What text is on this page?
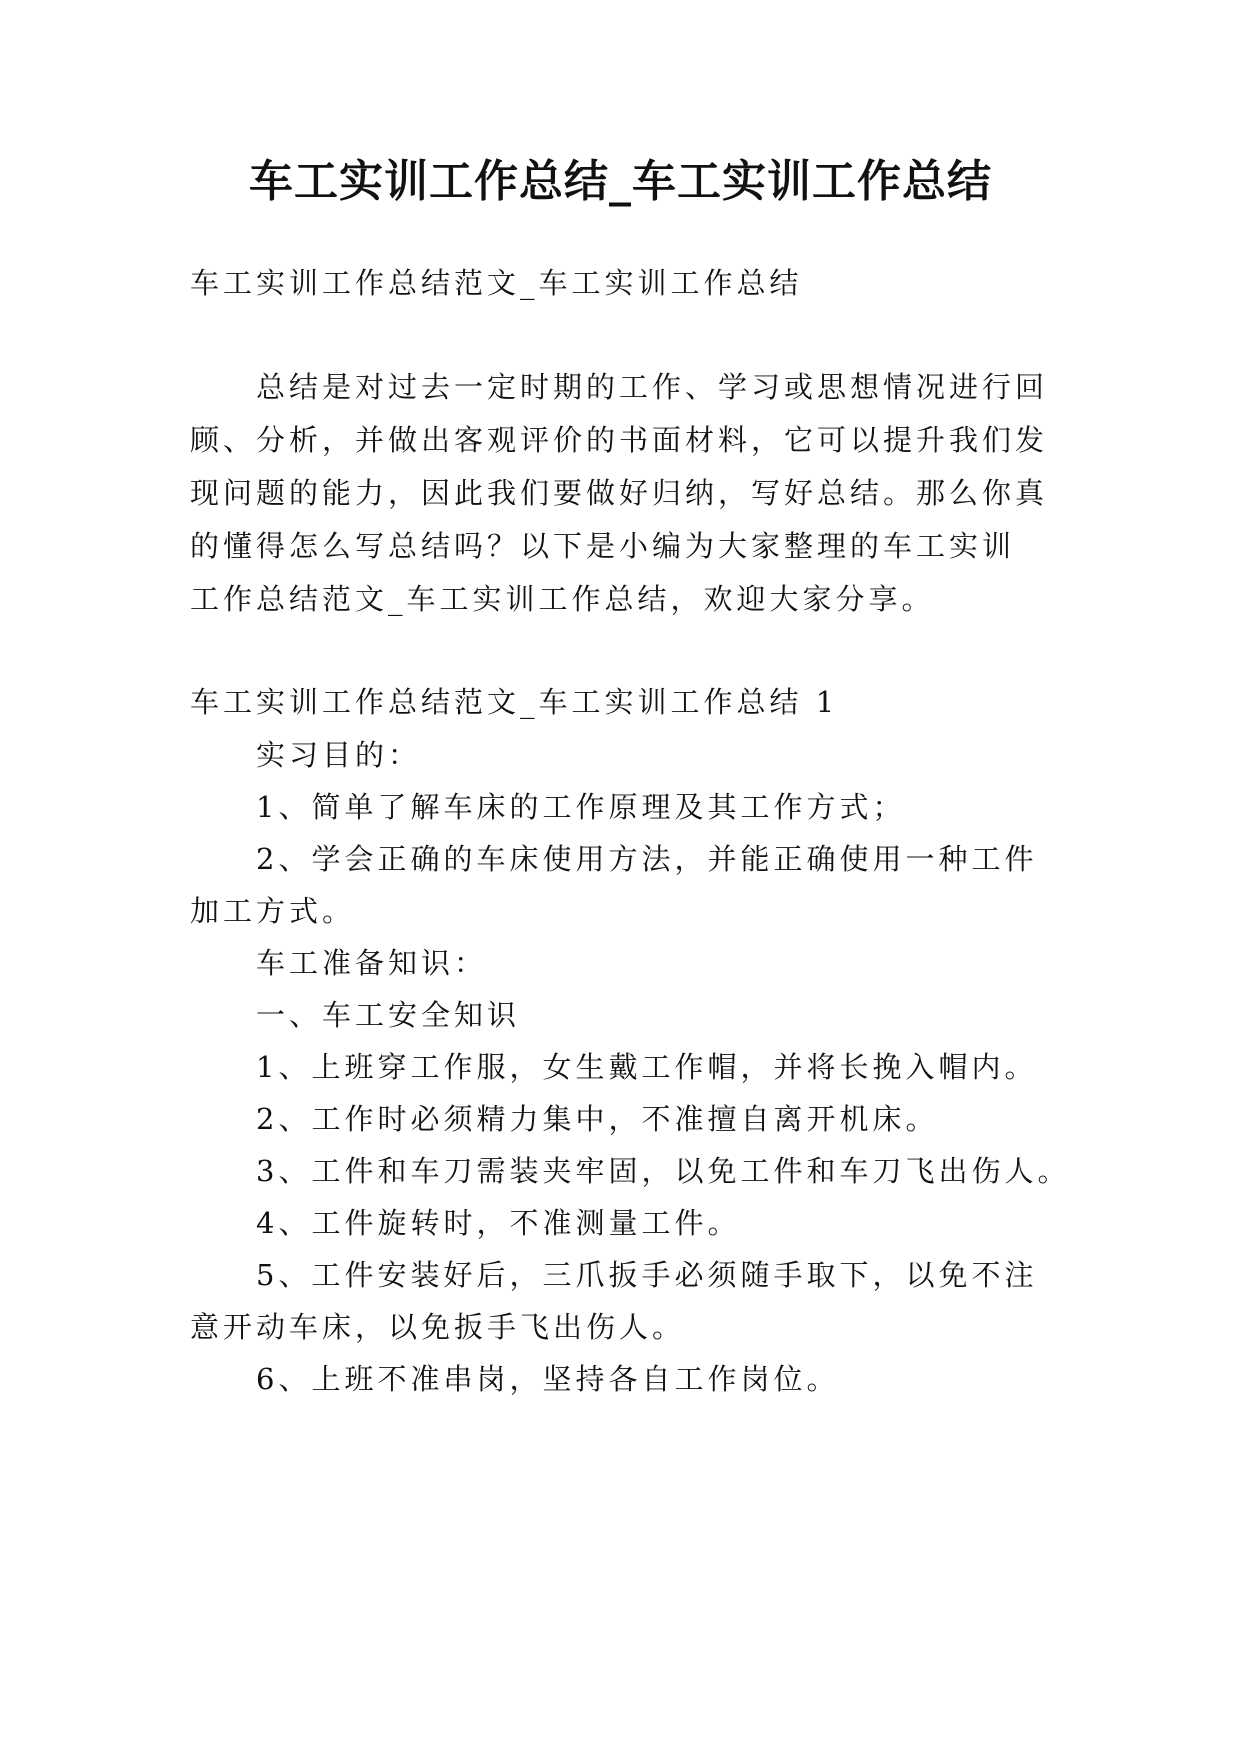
车工实训工作总结_车工实训工作总结
车工实训工作总结范文_车工实训工作总结
总结是对过去一定时期的工作、学习或思想情况进行回
顾、分析，并做出客观评价的书面材料，它可以提升我们发
现问题的能力，因此我们要做好归纳，写好总结。那么你真
的懂得怎么写总结吗？以下是小编为大家整理的车工实训
工作总结范文_车工实训工作总结，欢迎大家分享。
车工实训工作总结范文_车工实训工作总结 1
实习目的：
1、简单了解车床的工作原理及其工作方式；
2、学会正确的车床使用方法，并能正确使用一种工件
加工方式。
车工准备知识：
一、车工安全知识
1、上班穿工作服，女生戴工作帽，并将长挽入帽内。
2、工作时必须精力集中，不准擅自离开机床。
3、工件和车刀需装夹牢固，以免工件和车刀飞出伤人。
4、工件旋转时，不准测量工件。
5、工件安装好后，三爪扳手必须随手取下，以免不注
意开动车床，以免扳手飞出伤人。
6、上班不准串岗，坚持各自工作岗位。
